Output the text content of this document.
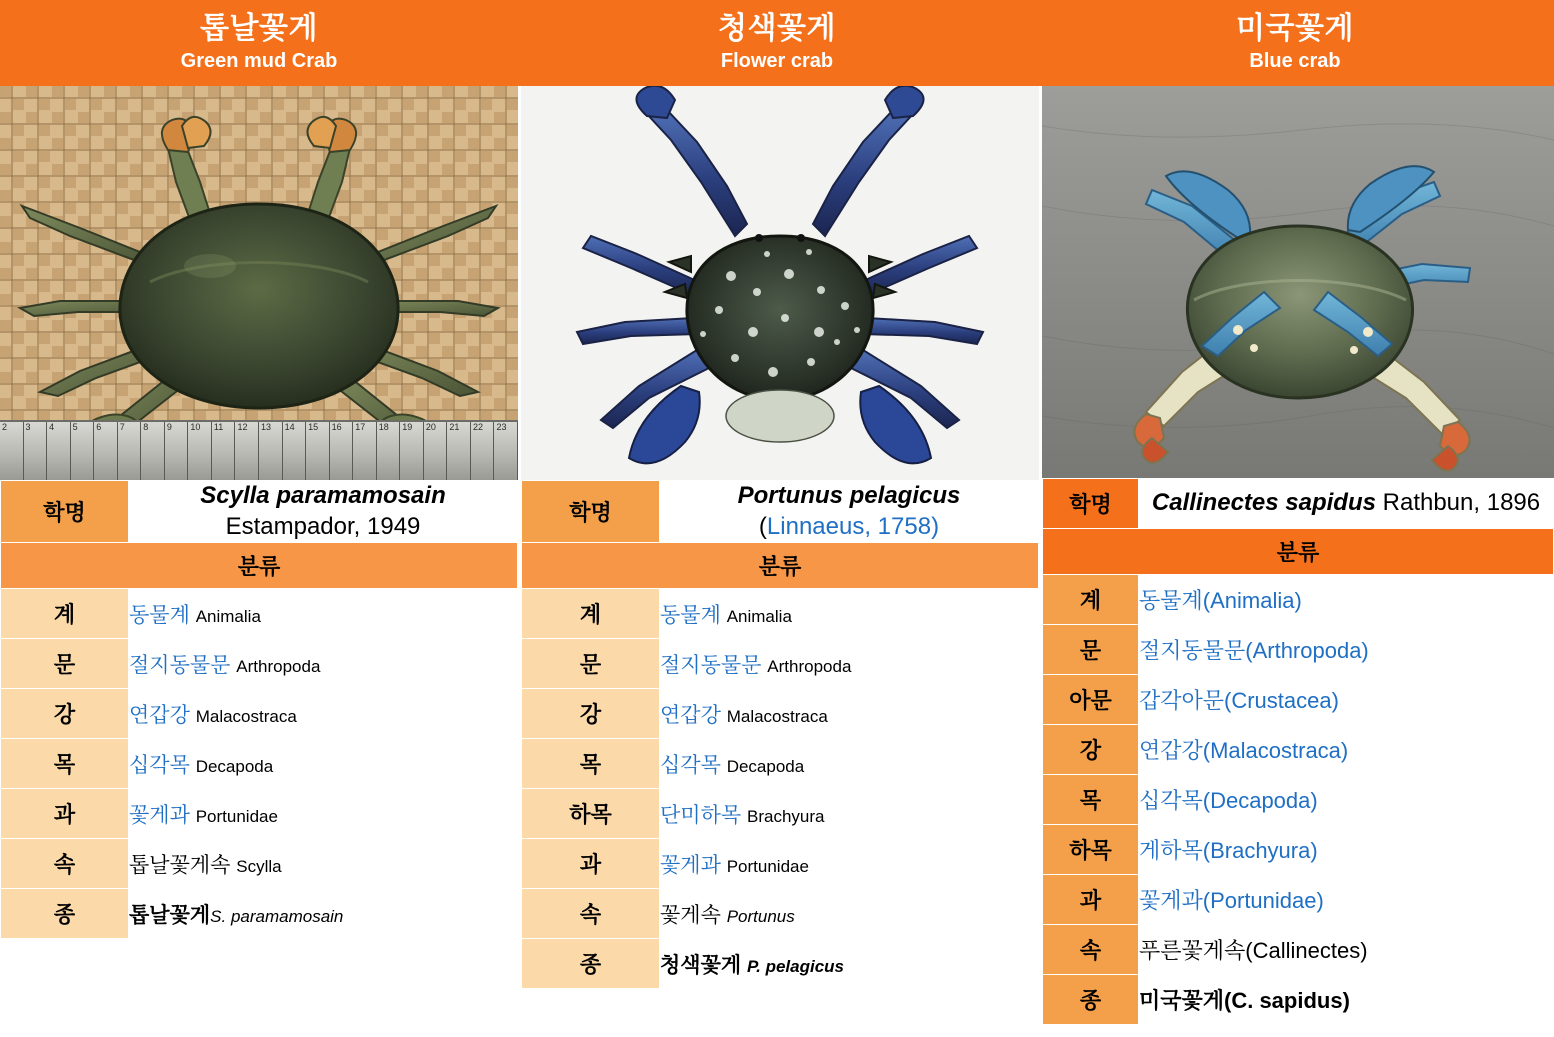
톱날꽃게
Green mud Crab
청색꽃게
Flower crab
미국꽃게
Blue crab
2	3	4	5	6	7	8	9	10	11	12	13	14	15	16	17	18	19	20	21	22	23
학명	Scylla paramamosain
Estampador, 1949
분류	
계	동물계 Animalia
문	절지동물문 Arthropoda
강	연갑강 Malacostraca
목	십각목 Decapoda
과	꽃게과 Portunidae
속	톱날꽃게속 Scylla
종	톱날꽃게S. paramamosain
학명	Portunus pelagicus
(Linnaeus, 1758)
분류	
계	동물계 Animalia
문	절지동물문 Arthropoda
강	연갑강 Malacostraca
목	십각목 Decapoda
하목	단미하목 Brachyura
과	꽃게과 Portunidae
속	꽃게속 Portunus
종	청색꽃게 P. pelagicus
학명	Callinectes sapidus Rathbun, 1896
분류	
계	동물계(Animalia)
문	절지동물문(Arthropoda)
아문	갑각아문(Crustacea)
강	연갑강(Malacostraca)
목	십각목(Decapoda)
하목	게하목(Brachyura)
과	꽃게과(Portunidae)
속	푸른꽃게속(Callinectes)
종	미국꽃게(C. sapidus)
